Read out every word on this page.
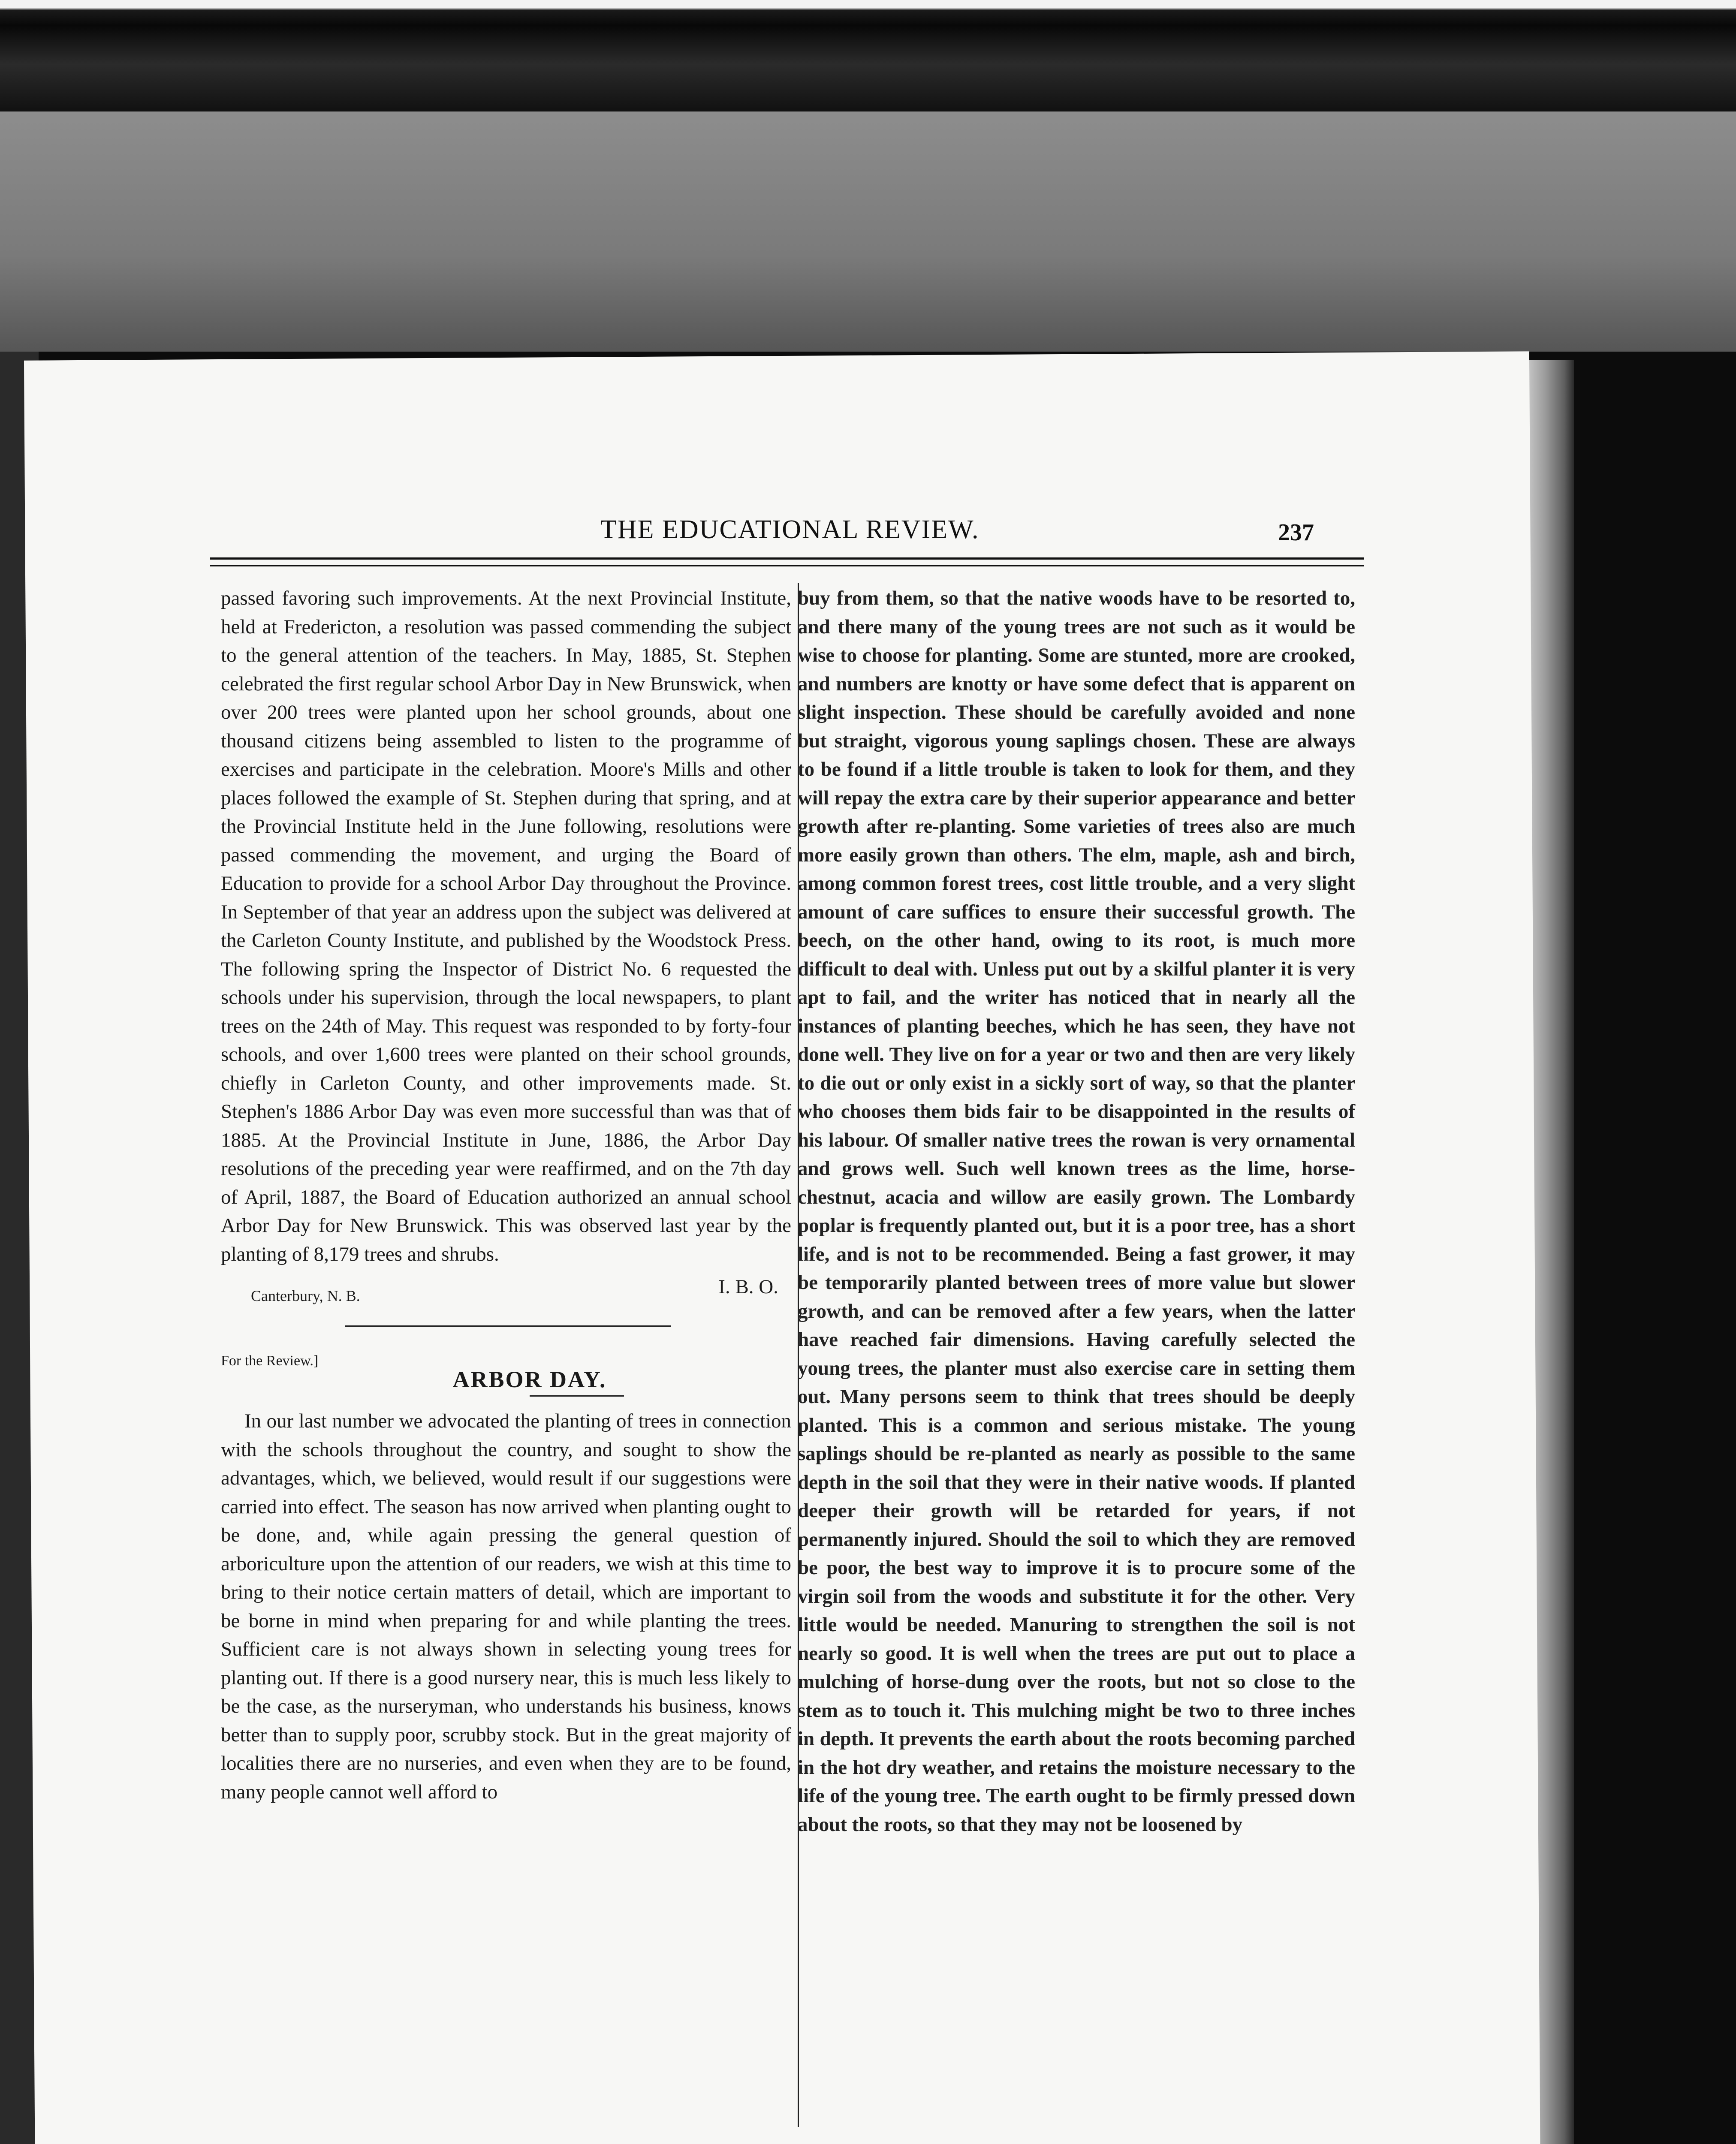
THE EDUCATIONAL REVIEW.	237

passed favoring such improvements. At the next Provincial Institute, held at Fredericton, a resolution was passed commending the subject to the general attention of the teachers. In May, 1885, St. Stephen celebrated the first regular school Arbor Day in New Brunswick, when over 200 trees were planted upon her school grounds, about one thousand citizens being assembled to listen to the programme of exercises and participate in the celebration. Moore's Mills and other places followed the example of St. Stephen during that spring, and at the Provincial Institute held in the June following, resolutions were passed commending the movement, and urging the Board of Education to provide for a school Arbor Day throughout the Province. In September of that year an address upon the subject was delivered at the Carleton County Institute, and published by the Woodstock Press. The following spring the Inspector of District No. 6 requested the schools under his supervision, through the local newspapers, to plant trees on the 24th of May. This request was responded to by forty-four schools, and over 1,600 trees were planted on their school grounds, chiefly in Carleton County, and other improvements made. St. Stephen's 1886 Arbor Day was even more successful than was that of 1885. At the Provincial Institute in June, 1886, the Arbor Day resolutions of the preceding year were reaffirmed, and on the 7th day of April, 1887, the Board of Education authorized an annual school Arbor Day for New Brunswick. This was observed last year by the planting of 8,179 trees and shrubs.

I. B. O.

Canterbury, N. B.

For the Review.]

ARBOR DAY.

In our last number we advocated the planting of trees in connection with the schools throughout the country, and sought to show the advantages, which, we believed, would result if our suggestions were carried into effect. The season has now arrived when planting ought to be done, and, while again pressing the general question of arboriculture upon the attention of our readers, we wish at this time to bring to their notice certain matters of detail, which are important to be borne in mind when preparing for and while planting the trees. Sufficient care is not always shown in selecting young trees for planting out. If there is a good nursery near, this is much less likely to be the case, as the nurseryman, who understands his business, knows better than to supply poor, scrubby stock. But in the great majority of localities there are no nurseries, and even when they are to be found, many people cannot well afford to

buy from them, so that the native woods have to be resorted to, and there many of the young trees are not such as it would be wise to choose for planting. Some are stunted, more are crooked, and numbers are knotty or have some defect that is apparent on slight inspection. These should be carefully avoided and none but straight, vigorous young saplings chosen. These are always to be found if a little trouble is taken to look for them, and they will repay the extra care by their superior appearance and better growth after re-planting. Some varieties of trees also are much more easily grown than others. The elm, maple, ash and birch, among common forest trees, cost little trouble, and a very slight amount of care suffices to ensure their successful growth. The beech, on the other hand, owing to its root, is much more difficult to deal with. Unless put out by a skilful planter it is very apt to fail, and the writer has noticed that in nearly all the instances of planting beeches, which he has seen, they have not done well. They live on for a year or two and then are very likely to die out or only exist in a sickly sort of way, so that the planter who chooses them bids fair to be disappointed in the results of his labour. Of smaller native trees the rowan is very ornamental and grows well. Such well known trees as the lime, horse-chestnut, acacia and willow are easily grown. The Lombardy poplar is frequently planted out, but it is a poor tree, has a short life, and is not to be recommended. Being a fast grower, it may be temporarily planted between trees of more value but slower growth, and can be removed after a few years, when the latter have reached fair dimensions. Having carefully selected the young trees, the planter must also exercise care in setting them out. Many persons seem to think that trees should be deeply planted. This is a common and serious mistake. The young saplings should be re-planted as nearly as possible to the same depth in the soil that they were in their native woods. If planted deeper their growth will be retarded for years, if not permanently injured. Should the soil to which they are removed be poor, the best way to improve it is to procure some of the virgin soil from the woods and substitute it for the other. Very little would be needed. Manuring to strengthen the soil is not nearly so good. It is well when the trees are put out to place a mulching of horse-dung over the roots, but not so close to the stem as to touch it. This mulching might be two to three inches in depth. It prevents the earth about the roots becoming parched in the hot dry weather, and retains the moisture necessary to the life of the young tree. The earth ought to be firmly pressed down about the roots, so that they may not be loosened by
